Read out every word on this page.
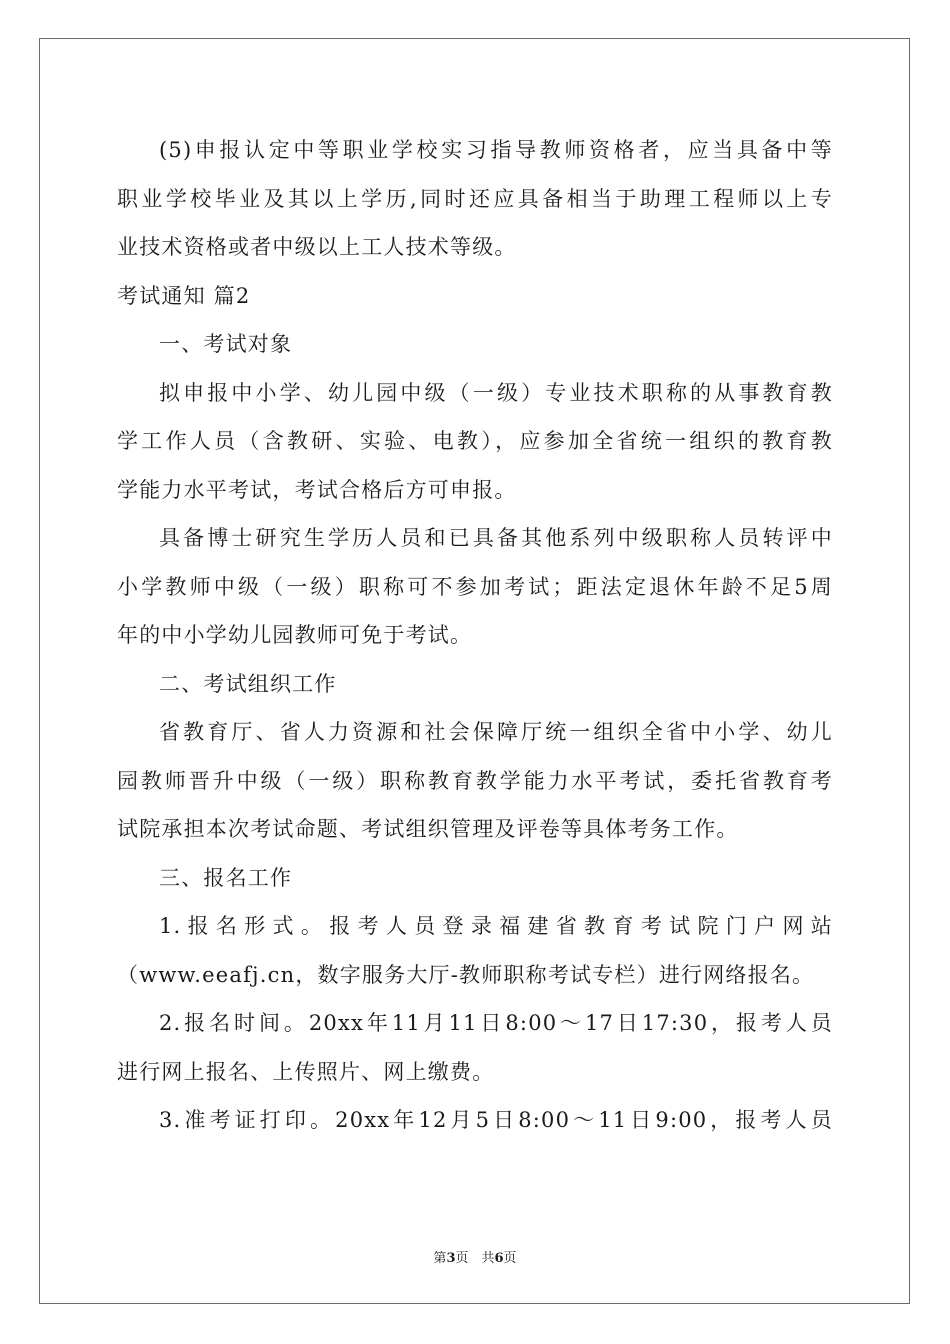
(5)申报认定中等职业学校实习指导教师资格者，应当具备中等
职业学校毕业及其以上学历,同时还应具备相当于助理工程师以上专
业技术资格或者中级以上工人技术等级。

考试通知 篇2

一、考试对象

拟申报中小学、幼儿园中级（一级）专业技术职称的从事教育教
学工作人员（含教研、实验、电教），应参加全省统一组织的教育教
学能力水平考试，考试合格后方可申报。

具备博士研究生学历人员和已具备其他系列中级职称人员转评中
小学教师中级（一级）职称可不参加考试；距法定退休年龄不足5周
年的中小学幼儿园教师可免于考试。

二、考试组织工作

省教育厅、省人力资源和社会保障厅统一组织全省中小学、幼儿
园教师晋升中级（一级）职称教育教学能力水平考试，委托省教育考
试院承担本次考试命题、考试组织管理及评卷等具体考务工作。

三、报名工作

1.报名形式。报考人员登录福建省教育考试院门户网站
（www.eeafj.cn，数字服务大厅-教师职称考试专栏）进行网络报名。

2.报名时间。20xx年11月11日8:00～17日17:30，报考人员
进行网上报名、上传照片、网上缴费。

3.准考证打印。20xx年12月5日8:00～11日9:00，报考人员

第3页　共6页
